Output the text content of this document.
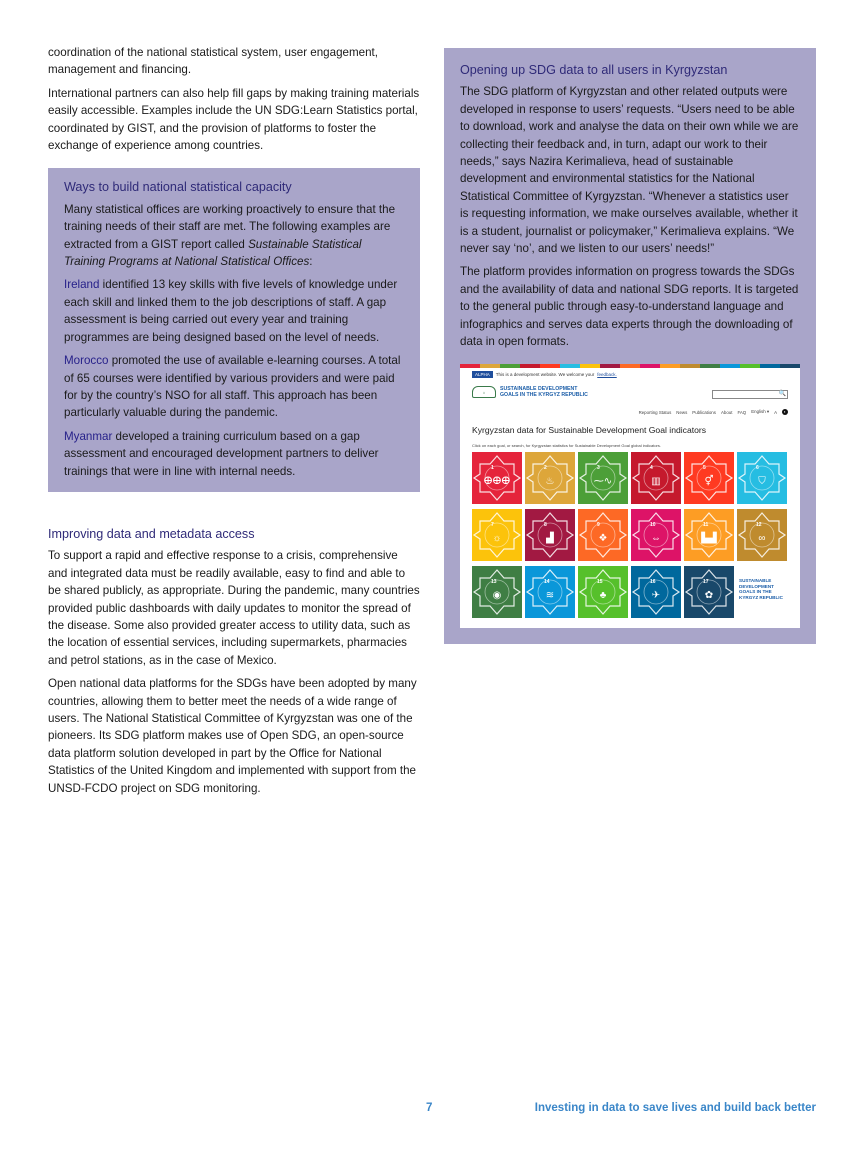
coordination of the national statistical system, user engagement, management and financing.

International partners can also help fill gaps by making training materials easily accessible. Examples include the UN SDG:Learn Statistics portal, coordinated by GIST, and the provision of platforms to foster the exchange of experience among countries.

Ways to build national statistical capacity

Many statistical offices are working proactively to ensure that the training needs of their staff are met. The following examples are extracted from a GIST report called Sustainable Statistical Training Programs at National Statistical Offices:

Ireland identified 13 key skills with five levels of knowledge under each skill and linked them to the job descriptions of staff. A gap assessment is being carried out every year and training programmes are being designed based on the level of needs.

Morocco promoted the use of available e-learning courses. A total of 65 courses were identified by various providers and were paid for by the country’s NSO for all staff. This approach has been particularly valuable during the pandemic.

Myanmar developed a training curriculum based on a gap assessment and encouraged development partners to deliver trainings that were in line with internal needs.

Improving data and metadata access

To support a rapid and effective response to a crisis, comprehensive and integrated data must be readily available, easy to find and able to be shared publicly, as appropriate. During the pandemic, many countries provided public dashboards with daily updates to monitor the spread of the disease. Some also provided greater access to utility data, such as the location of essential services, including supermarkets, pharmacies and petrol stations, as in the case of Mexico.

Open national data platforms for the SDGs have been adopted by many countries, allowing them to better meet the needs of a wide range of users. The National Statistical Committee of Kyrgyzstan was one of the pioneers. Its SDG platform makes use of Open SDG, an open-source data platform solution developed in part by the Office for National Statistics of the United Kingdom and implemented with support from the UNSD-FCDO project on SDG monitoring.

Opening up SDG data to all users in Kyrgyzstan

The SDG platform of Kyrgyzstan and other related outputs were developed in response to users’ requests. “Users need to be able to download, work and analyse the data on their own while we are collecting their feedback and, in turn, adapt our work to their needs,” says Nazira Kerimalieva, head of sustainable development and environmental statistics for the National Statistical Committee of Kyrgyzstan. “Whenever a statistics user is requesting information, we make ourselves available, whether it is a student, journalist or policymaker,” Kerimalieva explains. “We never say ‘no’, and we listen to our users’ needs!”

The platform provides information on progress towards the SDGs and the availability of data and national SDG reports. It is targeted to the general public through easy-to-understand language and infographics and serves data experts through the downloading of data in open formats.

ALPHA	This is a development website. We welcome your feedback.
⌂	SUSTAINABLE DEVELOPMENT
GOALS IN THE KYRGYZ REPUBLIC	🔍
Reporting Status News Publications About FAQ English ▾ A	◐
Kyrgyzstan data for Sustainable Development Goal indicators
Click on each goal, or search, for Kyrgyzstan statistics for Sustainable Development Goal global indicators.
1
ⴲⴲⴲ
2
♨
3
⁓∿
4
▥
5
⚥
6
⛉
7
☼
8
▟
9
❖
10
⇔
11
▙▟
12
∞
13
◉
14
≋
15
♣
16
✈
17
✿
SUSTAINABLE DEVELOPMENT GOALS IN THE KYRGYZ REPUBLIC
7	Investing in data to save lives and build back better
